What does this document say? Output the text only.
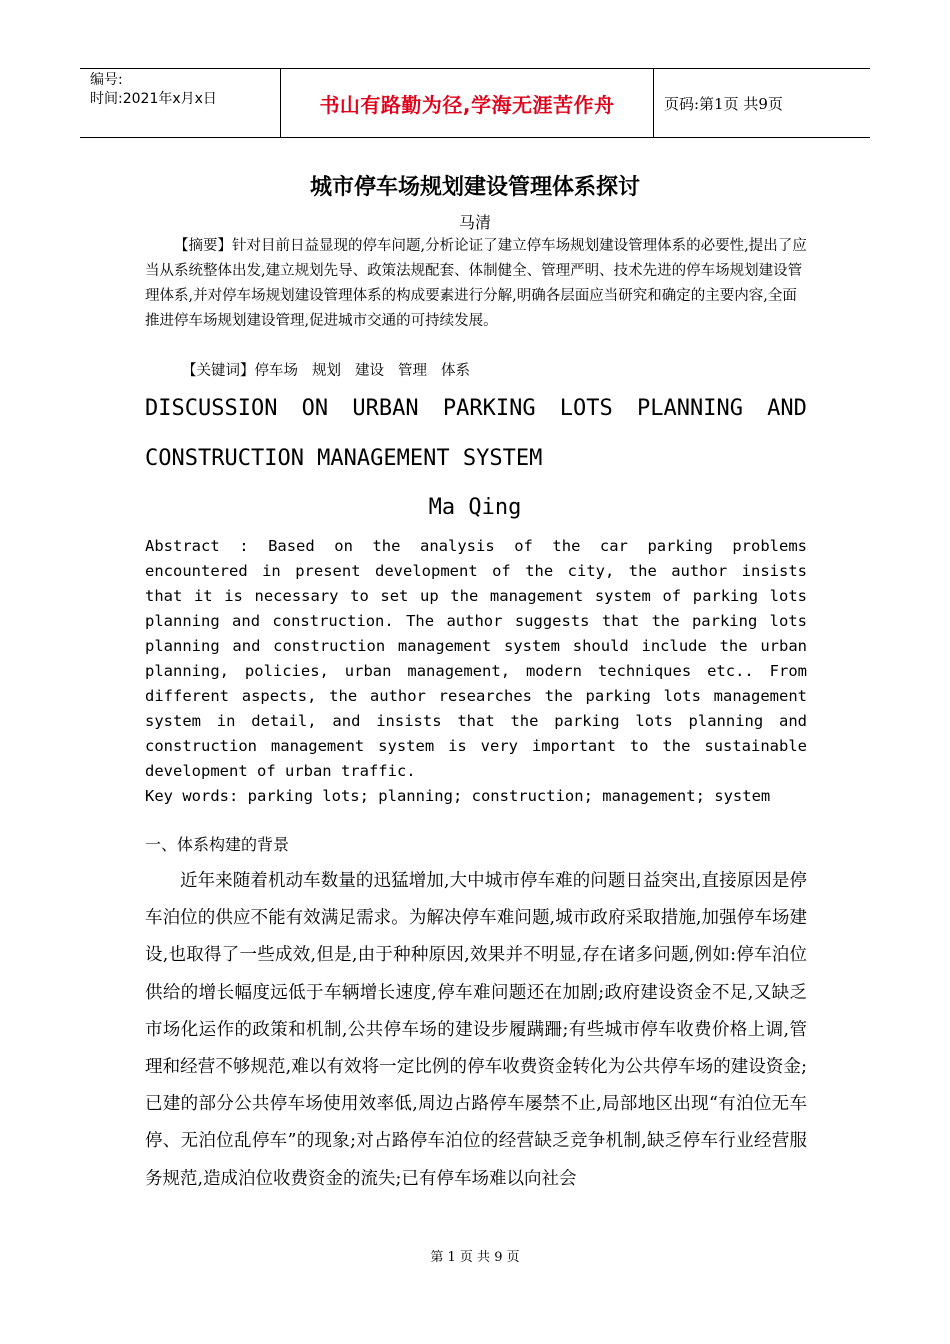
编号:
时间:2021年x月x日	书山有路勤为径,学海无涯苦作舟	页码:第1页 共9页
城市停车场规划建设管理体系探讨
马清
【摘要】针对目前日益显现的停车问题,分析论证了建立停车场规划建设管理体系的必要性,提出了应当从系统整体出发,建立规划先导、政策法规配套、体制健全、管理严明、技术先进的停车场规划建设管理体系,并对停车场规划建设管理体系的构成要素进行分解,明确各层面应当研究和确定的主要内容,全面推进停车场规划建设管理,促进城市交通的可持续发展。
【关键词】停车场 规划 建设 管理 体系
DISCUSSION ON URBAN PARKING LOTS PLANNING AND
CONSTRUCTION MANAGEMENT SYSTEM
Ma Qing
Abstract : Based on the analysis of the car parking problems encountered in present development of the city, the author insists that it is necessary to set up the management system of parking lots planning and construction. The author suggests that the parking lots planning and construction management system should include the urban planning, policies, urban management, modern techniques etc.. From different aspects, the author researches the parking lots management system in detail, and insists that the parking lots planning and construction management system is very important to the sustainable development of urban traffic.
Key words: parking lots; planning; construction; management; system
一、体系构建的背景
近年来随着机动车数量的迅猛增加,大中城市停车难的问题日益突出,直接原因是停车泊位的供应不能有效满足需求。为解决停车难问题,城市政府采取措施,加强停车场建设,也取得了一些成效,但是,由于种种原因,效果并不明显,存在诸多问题,例如:停车泊位供给的增长幅度远低于车辆增长速度,停车难问题还在加剧;政府建设资金不足,又缺乏市场化运作的政策和机制,公共停车场的建设步履蹒跚;有些城市停车收费价格上调,管理和经营不够规范,难以有效将一定比例的停车收费资金转化为公共停车场的建设资金;已建的部分公共停车场使用效率低,周边占路停车屡禁不止,局部地区出现“有泊位无车停、无泊位乱停车”的现象;对占路停车泊位的经营缺乏竞争机制,缺乏停车行业经营服务规范,造成泊位收费资金的流失;已有停车场难以向社会
第 1 页 共 9 页
